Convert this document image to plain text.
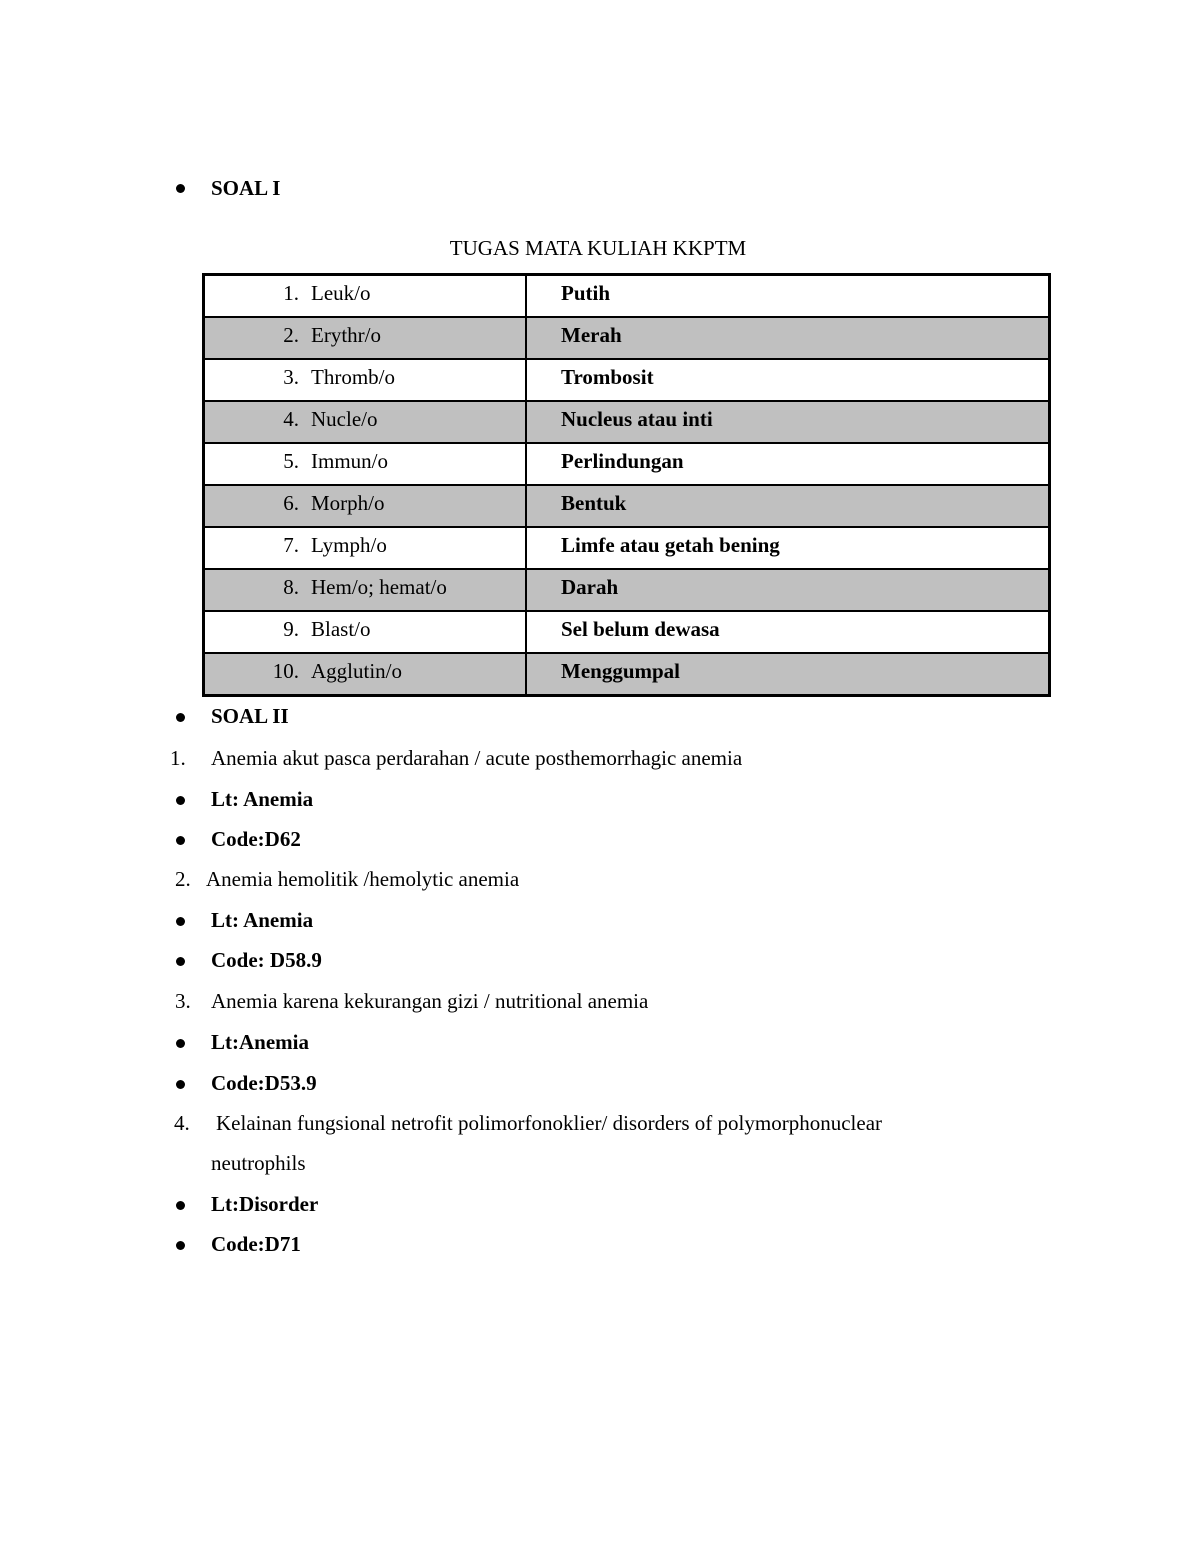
SOAL I
TUGAS MATA KULIAH KKPTM
1. Leuk/o	Putih

2. Erythr/o	Merah

3. Thromb/o	Trombosit

4. Nucle/o	Nucleus atau inti

5. Immun/o	Perlindungan

6. Morph/o	Bentuk

7. Lymph/o	Limfe atau getah bening

8. Hem/o; hemat/o	Darah

9. Blast/o	Sel belum dewasa

10. Agglutin/o	Menggumpal
SOAL II
1. Anemia akut pasca perdarahan / acute posthemorrhagic anemia
Lt: Anemia
Code:D62
2. Anemia hemolitik /hemolytic anemia
Lt: Anemia
Code: D58.9
3. Anemia karena kekurangan gizi / nutritional anemia
Lt:Anemia
Code:D53.9
4. Kelainan fungsional netrofit polimorfonoklier/ disorders of polymorphonuclear
neutrophils
Lt:Disorder
Code:D71
